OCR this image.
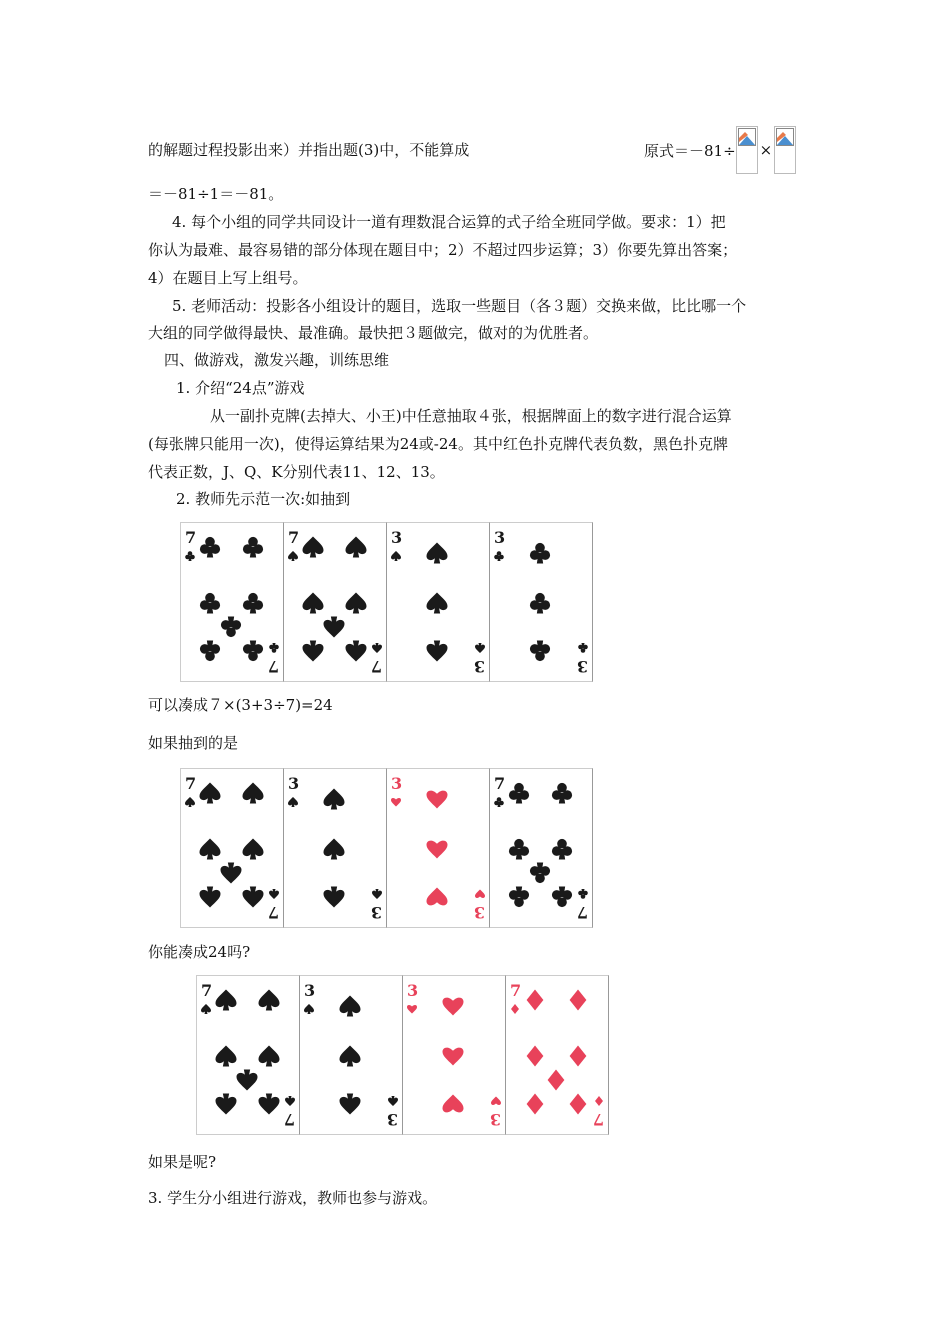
的解题过程投影出来）并指出题(3)中，不能算成	原式＝－81÷ ×
＝－81÷1＝－81。
4. 每个小组的同学共同设计一道有理数混合运算的式子给全班同学做。要求：1）把
你认为最难、最容易错的部分体现在题目中；2）不超过四步运算；3）你要先算出答案；
4）在题目上写上组号。
5. 老师活动：投影各小组设计的题目，选取一些题目（各３题）交换来做，比比哪一个
大组的同学做得最快、最准确。最快把３题做完，做对的为优胜者。
四、做游戏，激发兴趣，训练思维
1. 介绍“24点”游戏
从一副扑克牌(去掉大、小王)中任意抽取４张，根据牌面上的数字进行混合运算
(每张牌只能用一次)，使得运算结果为24或-24。其中红色扑克牌代表负数，黑色扑克牌
代表正数，J、Q、K分别代表11、12、13。
2. 教师先示范一次:如抽到
7
7
7
7
3
3
3
3
可以凑成７×(3+3÷7)=24
如果抽到的是
7
7
3
3
3
3
7
7
你能凑成24吗?
7
7
3
3
3
3
7
7
如果是呢?
3. 学生分小组进行游戏，教师也参与游戏。
